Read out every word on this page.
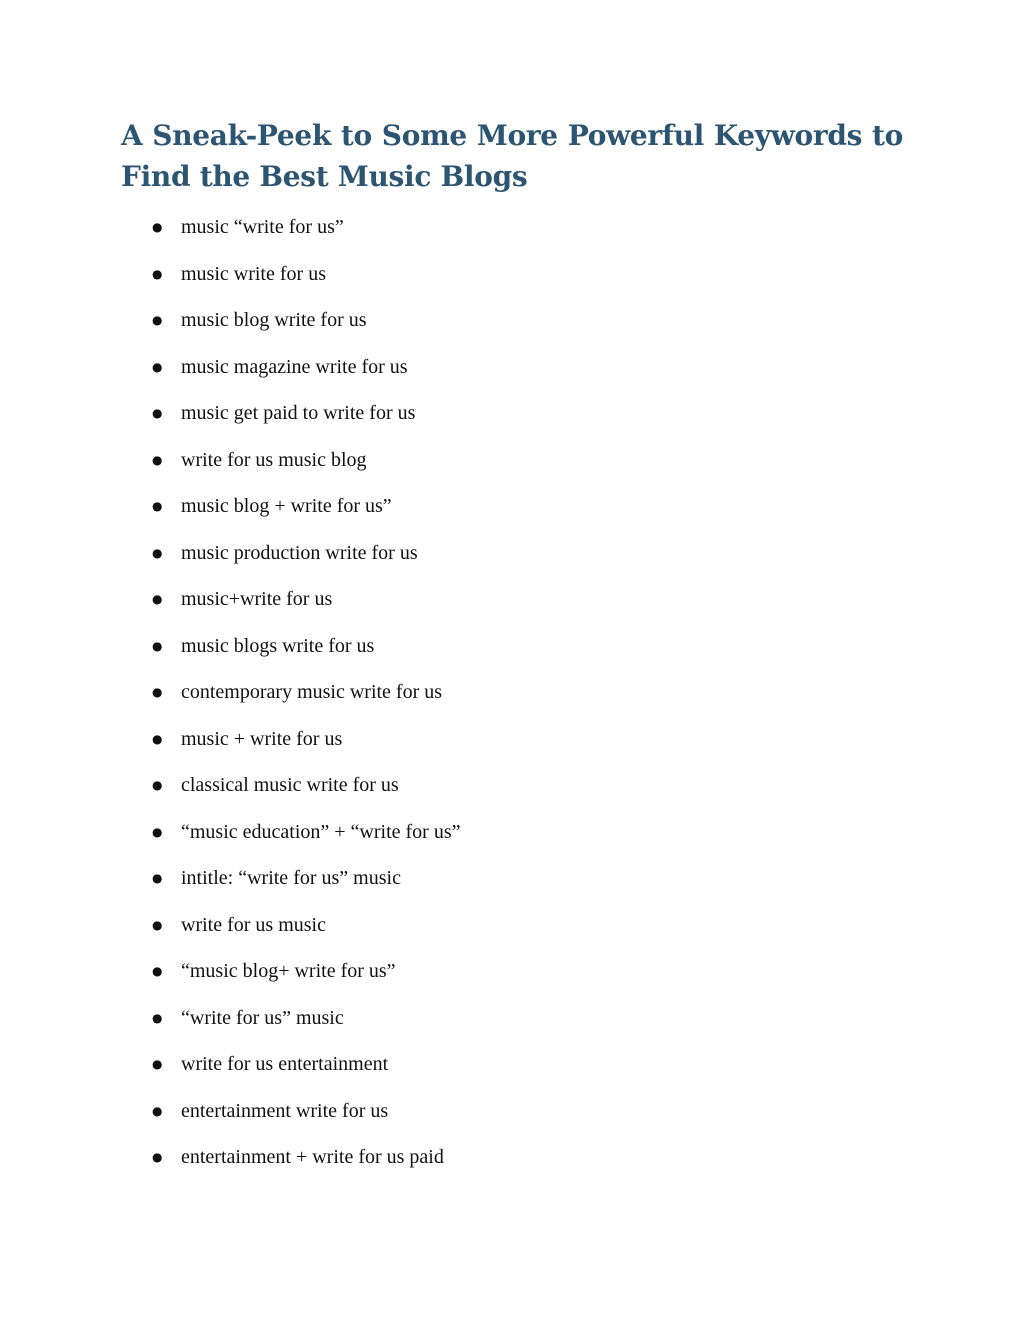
A Sneak-Peek to Some More Powerful Keywords to Find the Best Music Blogs
● music “write for us”
● music write for us
● music blog write for us
● music magazine write for us
● music get paid to write for us
● write for us music blog
● music blog + write for us”
● music production write for us
● music+write for us
● music blogs write for us
● contemporary music write for us
● music + write for us
● classical music write for us
● “music education” + “write for us”
● intitle: “write for us” music
● write for us music
● “music blog+ write for us”
● “write for us” music
● write for us entertainment
● entertainment write for us
● entertainment + write for us paid
